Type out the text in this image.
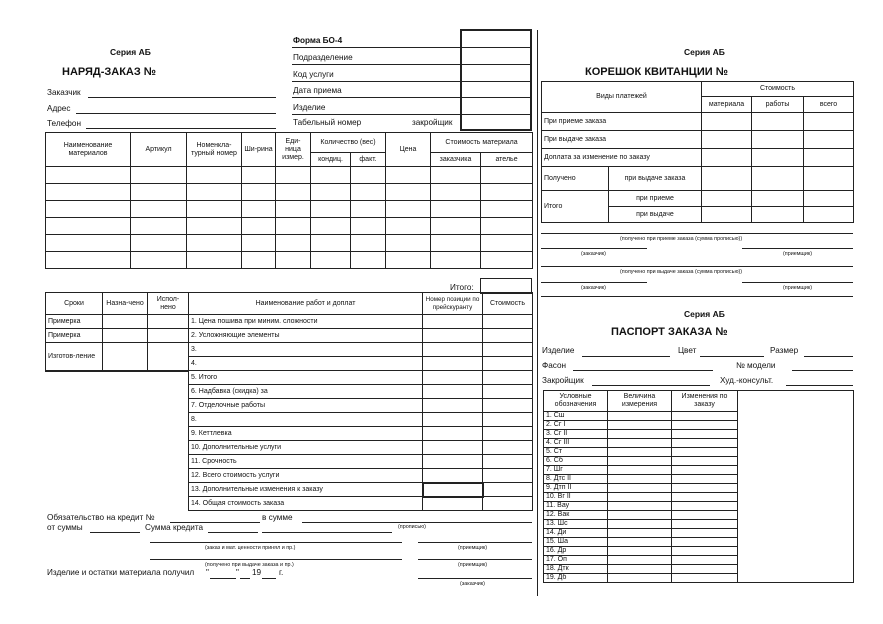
Серия АБ
НАРЯД-ЗАКАЗ №
Заказчик
Адрес
Телефон
Форма БО-4
Подразделение
Код услуги
Дата приема
Изделие
Табельный номер	закройщик
Наименование материалов	Артикул	Номенкла-турный номер	Ши-рина	Еди-ница измер.	Количество (вес)		Цена	Стоимость материала	
					кондиц.	факт.		заказчика	ателье

Итого:
Сроки	Назна-чено	Испол-нено	Наименование работ и доплат	Номер позиции по прейскуранту	Стоимость
Примерка			1. Цена пошива при миним. сложности		
Примерка			2. Усложняющие элементы		
Изготов-ление			3.		
			4.		
			5. Итого		
			6. Надбавка (скидка) за		
			7. Отделочные работы		
			8.		
			9. Кеттлевка		
			10. Дополнительные услуги		
			11. Срочность		
			12. Всего стоимость услуги		
			13. Дополнительные изменения к заказу		
			14. Общая стоимость заказа		
Обязательство на кредит №	в сумме
от суммы	Сумма кредита	(прописью)
(заказ и мат. ценности принял и пр.)	(приемщик)
(получено при выдаче заказа и пр.)	(приемщик)
Изделие и остатки материала получил "	" 19 г.
(заказчик)
Серия АБ
КОРЕШОК КВИТАНЦИИ №
Виды платежей		Стоимость		
		материала	работы	всего
При приеме заказа				
При выдаче заказа				
Доплата за изменение по заказу				
Получено	при выдаче заказа			
Итого	при приеме			
	при выдаче			
(получено при приеме заказа (сумма прописью))
(заказчик)	(приемщик)
(получено при выдаче заказа (сумма прописью))
(заказчик)	(приемщик)
Серия АБ
ПАСПОРТ ЗАКАЗА №
Изделие	Цвет	Размер
Фасон	№ модели
Закройщик	Худ.-консульт.
Условные обозначения	Величина измерения	Изменения по заказу	
1. Сш			
2. Сг I			
3. Сг II			
4. Сг III			
5. Ст			
6. Сб			
7. Шг			
8. Дтс II			
9. Дтп II			
10. Вг II			
11. Вау			
12. Вак			
13. Шс			
14. Ди			
15. Ша			
16. Др			
17. Оп			
18. Дтк			
19. Дб			
